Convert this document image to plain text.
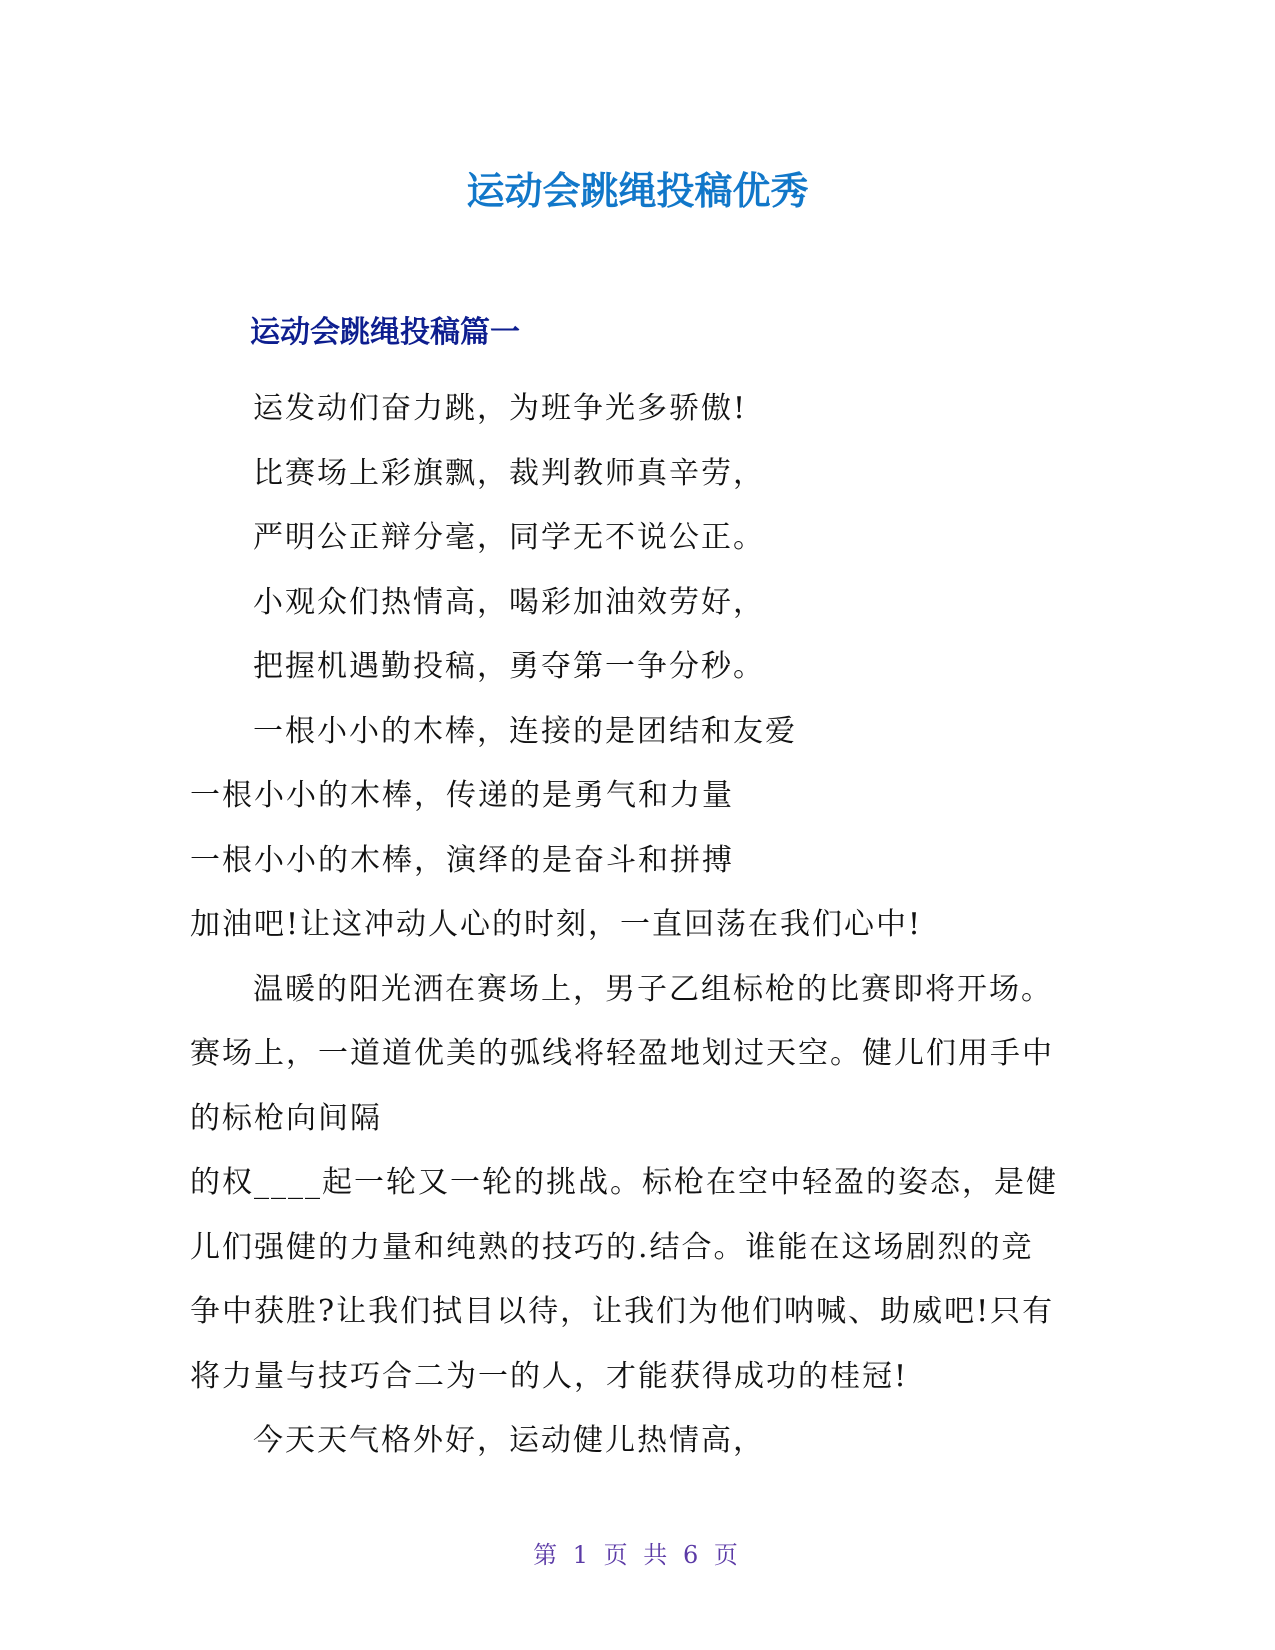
运动会跳绳投稿优秀
运动会跳绳投稿篇一
运发动们奋力跳，为班争光多骄傲!
比赛场上彩旗飘，裁判教师真辛劳，
严明公正辩分毫，同学无不说公正。
小观众们热情高，喝彩加油效劳好，
把握机遇勤投稿，勇夺第一争分秒。
一根小小的木棒，连接的是团结和友爱
一根小小的木棒，传递的是勇气和力量
一根小小的木棒，演绎的是奋斗和拼搏
加油吧!让这冲动人心的时刻，一直回荡在我们心中!
温暖的阳光洒在赛场上，男子乙组标枪的比赛即将开场。
赛场上，一道道优美的弧线将轻盈地划过天空。健儿们用手中
的标枪向间隔
的权____起一轮又一轮的挑战。标枪在空中轻盈的姿态，是健
儿们强健的力量和纯熟的技巧的.结合。谁能在这场剧烈的竞
争中获胜?让我们拭目以待，让我们为他们呐喊、助威吧!只有
将力量与技巧合二为一的人，才能获得成功的桂冠!
今天天气格外好，运动健儿热情高，
第 1 页 共 6 页
